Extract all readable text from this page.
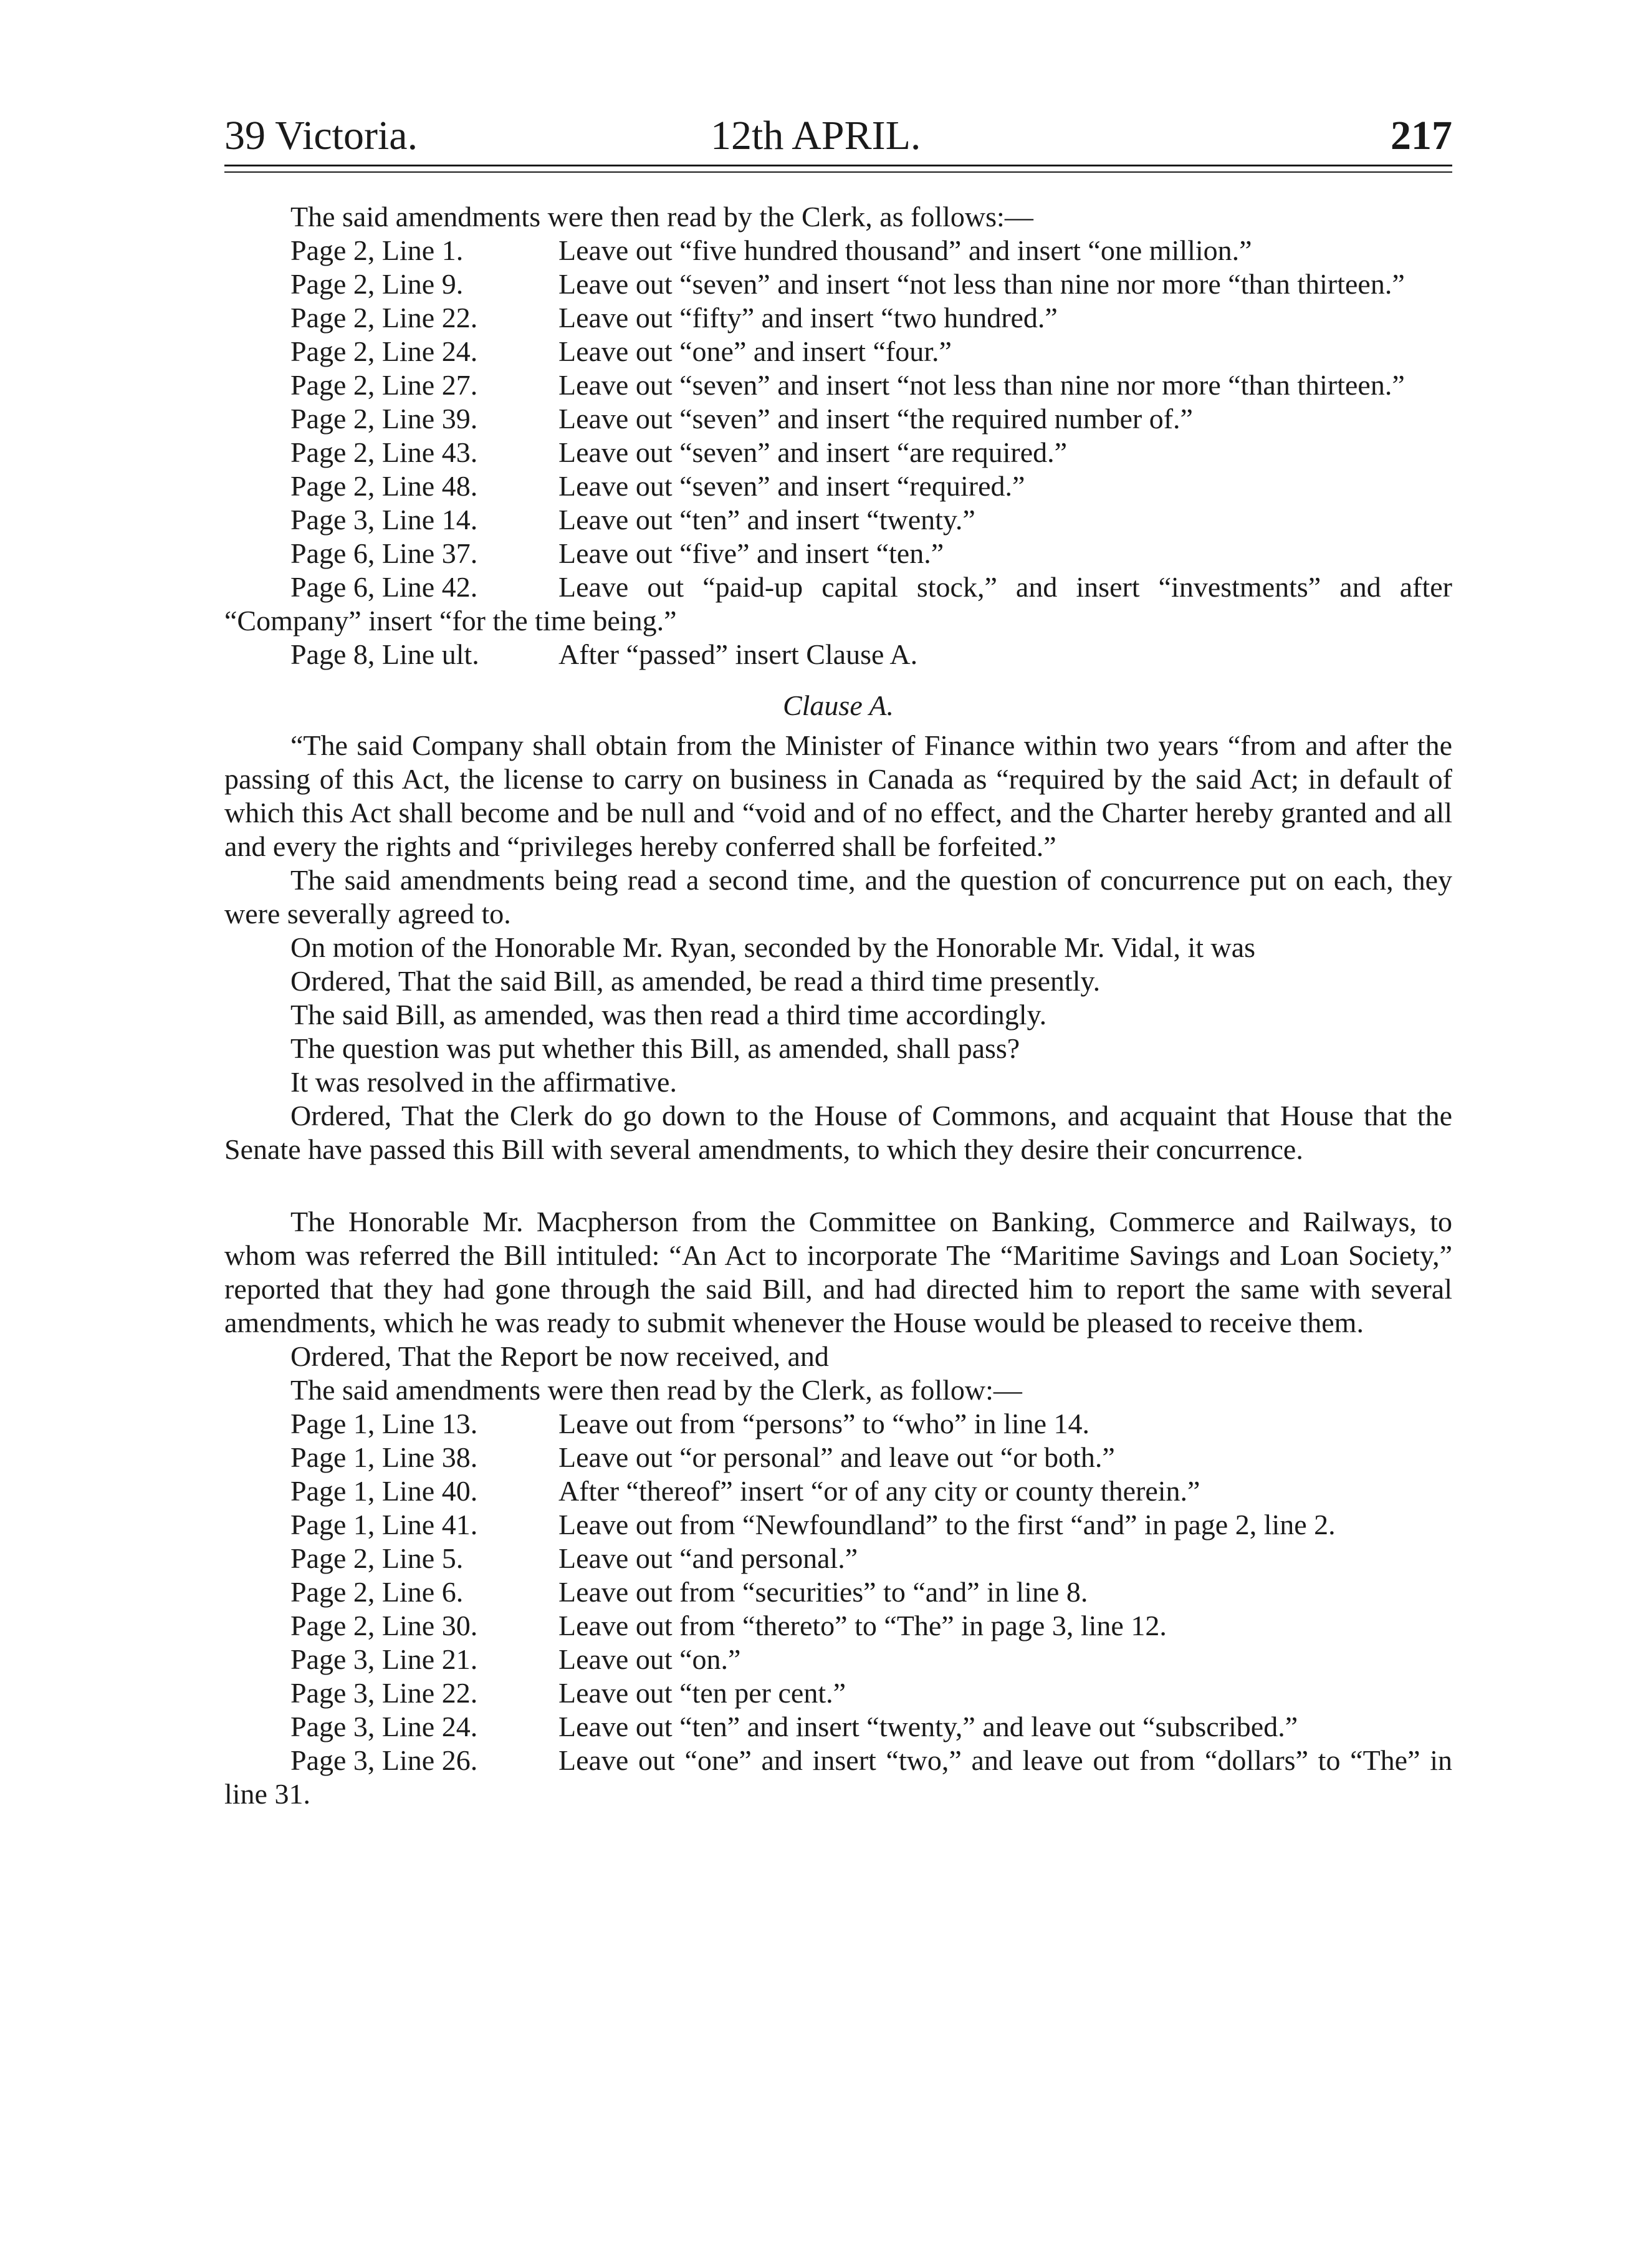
39 Victoria.	12th APRIL.	217
The said amendments were then read by the Clerk, as follows:—
Page 2, Line 1.	Leave out “five hundred thousand” and insert “one million.”
Page 2, Line 9.	Leave out “seven” and insert “not less than nine nor more “than thirteen.”
Page 2, Line 22.	Leave out “fifty” and insert “two hundred.”
Page 2, Line 24.	Leave out “one” and insert “four.”
Page 2, Line 27.	Leave out “seven” and insert “not less than nine nor more “than thirteen.”
Page 2, Line 39.	Leave out “seven” and insert “the required number of.”
Page 2, Line 43.	Leave out “seven” and insert “are required.”
Page 2, Line 48.	Leave out “seven” and insert “required.”
Page 3, Line 14.	Leave out “ten” and insert “twenty.”
Page 6, Line 37.	Leave out “five” and insert “ten.”
Page 6, Line 42.	Leave out “paid-up capital stock,” and insert “investments” and after “Company” insert “for the time being.”
Page 8, Line ult.	After “passed” insert Clause A.
Clause A.
“The said Company shall obtain from the Minister of Finance within two years “from and after the passing of this Act, the license to carry on business in Canada as “required by the said Act; in default of which this Act shall become and be null and “void and of no effect, and the Charter hereby granted and all and every the rights and “privileges hereby conferred shall be forfeited.”
The said amendments being read a second time, and the question of concurrence put on each, they were severally agreed to.
On motion of the Honorable Mr. Ryan, seconded by the Honorable Mr. Vidal, it was
Ordered, That the said Bill, as amended, be read a third time presently.
The said Bill, as amended, was then read a third time accordingly.
The question was put whether this Bill, as amended, shall pass?
It was resolved in the affirmative.
Ordered, That the Clerk do go down to the House of Commons, and acquaint that House that the Senate have passed this Bill with several amendments, to which they desire their concurrence.
The Honorable Mr. Macpherson from the Committee on Banking, Commerce and Railways, to whom was referred the Bill intituled: “An Act to incorporate The “Maritime Savings and Loan Society,” reported that they had gone through the said Bill, and had directed him to report the same with several amendments, which he was ready to submit whenever the House would be pleased to receive them.
Ordered, That the Report be now received, and
The said amendments were then read by the Clerk, as follow:—
Page 1, Line 13.	Leave out from “persons” to “who” in line 14.
Page 1, Line 38.	Leave out “or personal” and leave out “or both.”
Page 1, Line 40.	After “thereof” insert “or of any city or county therein.”
Page 1, Line 41.	Leave out from “Newfoundland” to the first “and” in page 2, line 2.
Page 2, Line 5.	Leave out “and personal.”
Page 2, Line 6.	Leave out from “securities” to “and” in line 8.
Page 2, Line 30.	Leave out from “thereto” to “The” in page 3, line 12.
Page 3, Line 21.	Leave out “on.”
Page 3, Line 22.	Leave out “ten per cent.”
Page 3, Line 24.	Leave out “ten” and insert “twenty,” and leave out “subscribed.”
Page 3, Line 26.	Leave out “one” and insert “two,” and leave out from “dollars” to “The” in line 31.
